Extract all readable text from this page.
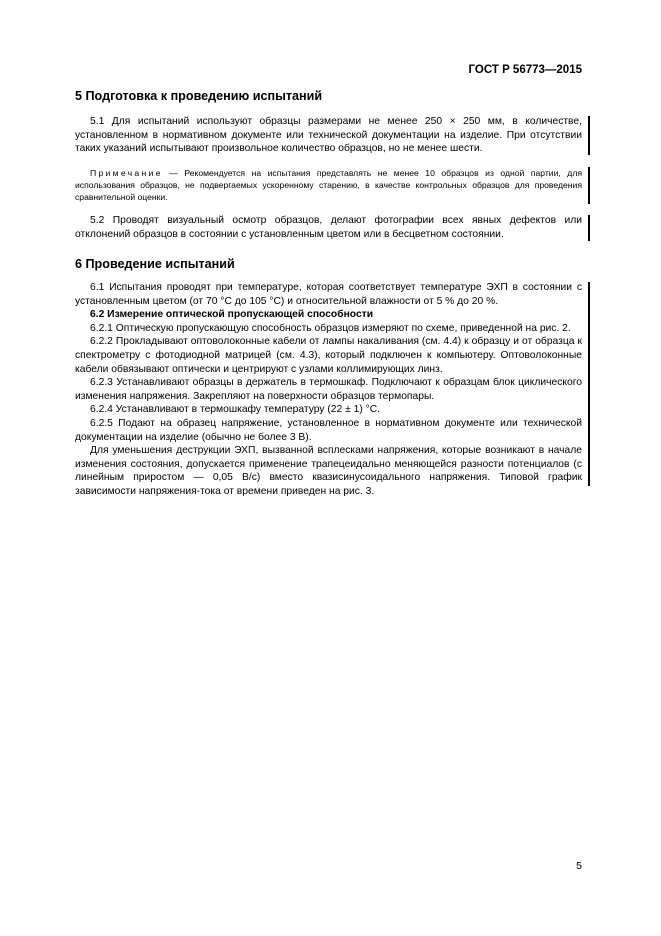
ГОСТ Р 56773—2015
5 Подготовка к проведению испытаний

5.1 Для испытаний используют образцы размерами не менее 250 × 250 мм, в количестве, установленном в нормативном документе или технической документации на изделие. При отсутствии таких указаний испытывают произвольное количество образцов, но не менее шести.

Примечание — Рекомендуется на испытания представлять не менее 10 образцов из одной партии, для использования образцов, не подвергаемых ускоренному старению, в качестве контрольных образцов для проведения сравнительной оценки.

5.2 Проводят визуальный осмотр образцов, делают фотографии всех явных дефектов или отклонений образцов в состоянии с установленным цветом или в бесцветном состоянии.

6 Проведение испытаний

6.1 Испытания проводят при температуре, которая соответствует температуре ЭХП в состоянии с установленным цветом (от 70 °С до 105 °С) и относительной влажности от 5 % до 20 %.

6.2 Измерение оптической пропускающей способности

6.2.1 Оптическую пропускающую способность образцов измеряют по схеме, приведенной на рис. 2.

6.2.2 Прокладывают оптоволоконные кабели от лампы накаливания (см. 4.4) к образцу и от образца к спектрометру с фотодиодной матрицей (см. 4.3), который подключен к компьютеру. Оптоволоконные кабели обвязывают оптически и центрируют с узлами коллимирующих линз.

6.2.3 Устанавливают образцы в держатель в термошкаф. Подключают к образцам блок циклического изменения напряжения. Закрепляют на поверхности образцов термопары.

6.2.4 Устанавливают в термошкафу температуру (22 ± 1) °С.

6.2.5 Подают на образец напряжение, установленное в нормативном документе или технической документации на изделие (обычно не более 3 В).

Для уменьшения деструкции ЭХП, вызванной всплесками напряжения, которые возникают в начале изменения состояния, допускается применение трапецеидально меняющейся разности потенциалов (с линейным приростом — 0,05 В/с) вместо квазисинусоидального напряжения. Типовой график зависимости напряжения-тока от времени приведен на рис. 3.

5
